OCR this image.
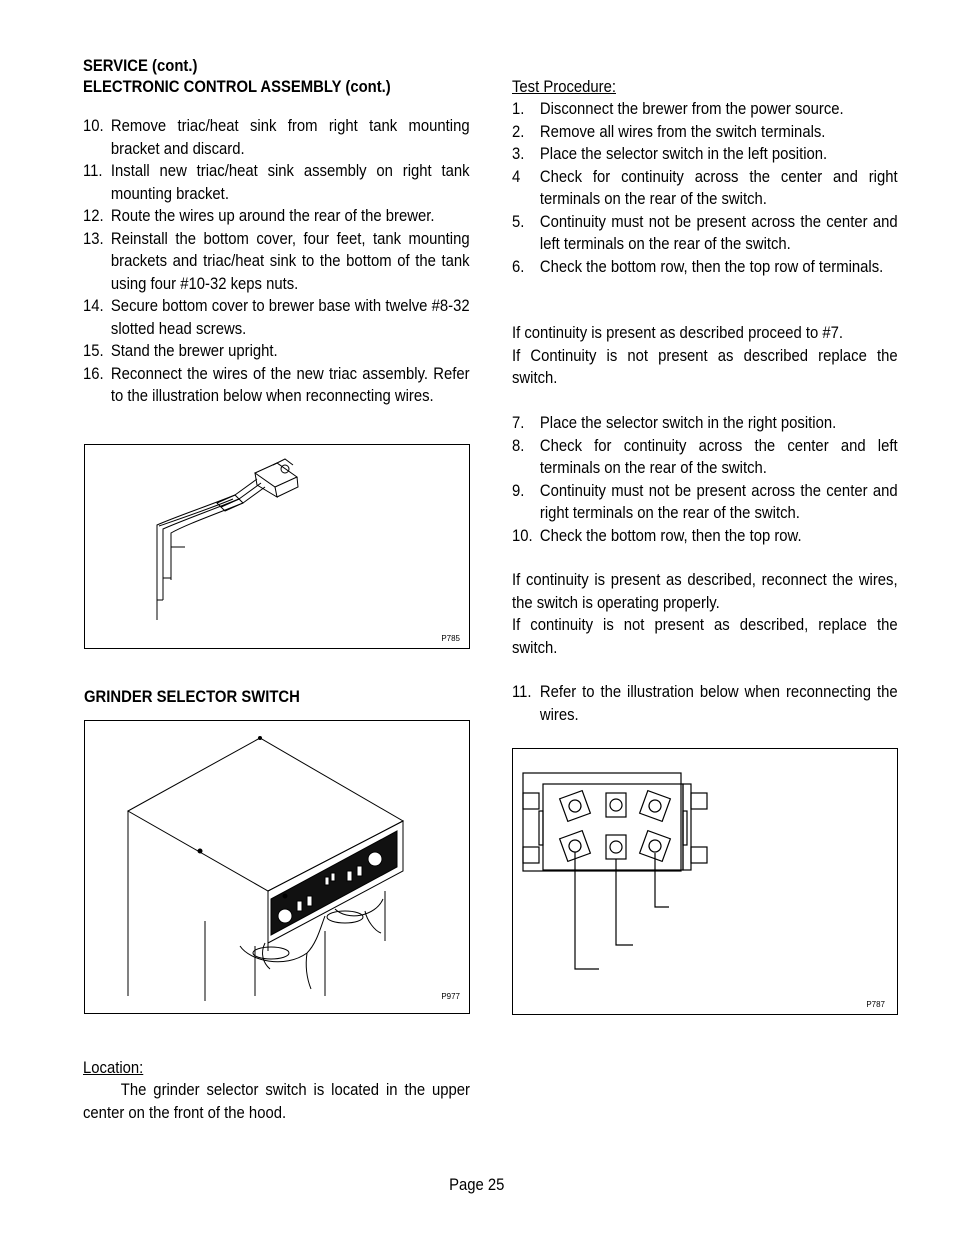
SERVICE (cont.)
ELECTRONIC CONTROL ASSEMBLY (cont.)
10. Remove triac/heat sink from right tank mounting bracket and discard.
11. Install new triac/heat sink assembly on right tank mounting bracket.
12. Route the wires up around the rear of the brewer.
13. Reinstall the bottom cover, four feet, tank mounting brackets and triac/heat sink to the bottom of the tank using four #10-32 keps nuts.
14. Secure bottom cover to brewer base with twelve #8-32 slotted head screws.
15. Stand the brewer upright.
16. Reconnect the wires of the new triac assembly. Refer to the illustration below when reconnecting wires.
P785
GRINDER SELECTOR SWITCH
P977
Location:

The grinder selector switch is located in the upper center on the front of the hood.

Test Procedure:
1. Disconnect the brewer from the power source.
2. Remove all wires from the switch terminals.
3. Place the selector switch in the left position.
4 Check for continuity across the center and right terminals on the rear of the switch.
5. Continuity must not be present across the center and left terminals on the rear of the switch.
6. Check the bottom row, then the top row of terminals.

If continuity is present as described proceed to #7.

If Continuity is not present as described replace the switch.

7. Place the selector switch in the right position.
8. Check for continuity across the center and left terminals on the rear of the switch.
9. Continuity must not be present across the center and right terminals on the rear of the switch.
10. Check the bottom row, then the top row.

If continuity is present as described, reconnect the wires, the switch is operating properly.

If continuity is not present as described, replace the switch.

11. Refer to the illustration below when reconnecting the wires.
P787
Page 25
